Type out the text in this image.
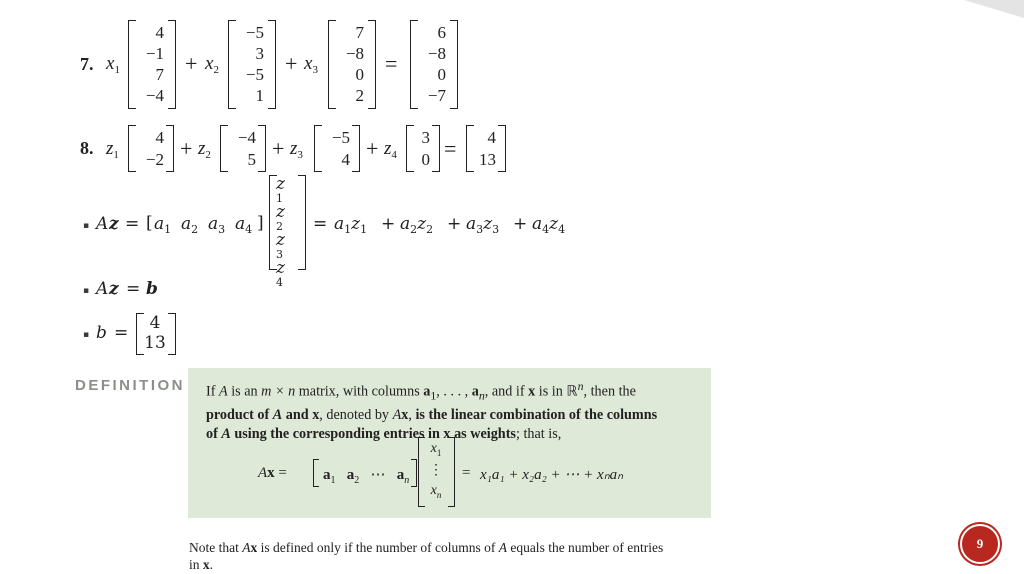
7. $x_1$
4
−1
7
−4
+ $x_2$
−5
3
−5
1
+ $x_3$
7
−8
0
2
=
6
−8
0
−7
8. $z_1$
4
$-2 + z_2$
−4
$5 + z_3$
−5
$4 + z_4$
3
0 =	4
13
▪ A z = [ $a_1$ $a_2$ $a_3$ $a_4$ ]
z
1
z
2
z
3
z
4
= $a_1z_1 + a_2z_2 + a_3z_3 + a_4z_4$
▪ A z = b
▪ b =
4
13
DEFINITION If A is an m × n matrix, with columns $a_1$, . . . , $a_n$, and if x is in ℝ$^n$, then the
product of A and x, denoted by Ax, is the linear combination of the columns
of A using the corresponding entries in x as weights; that is,
$Ax = a_1$ $a_2$ ⋯ $a_n$
$x_1$
⋮
$x_n$
= x₁a₁ + x₂a₂ + ⋯ + xₙaₙ
Note that Ax is defined only if the number of columns of A equals the number of entries
in x.
9
